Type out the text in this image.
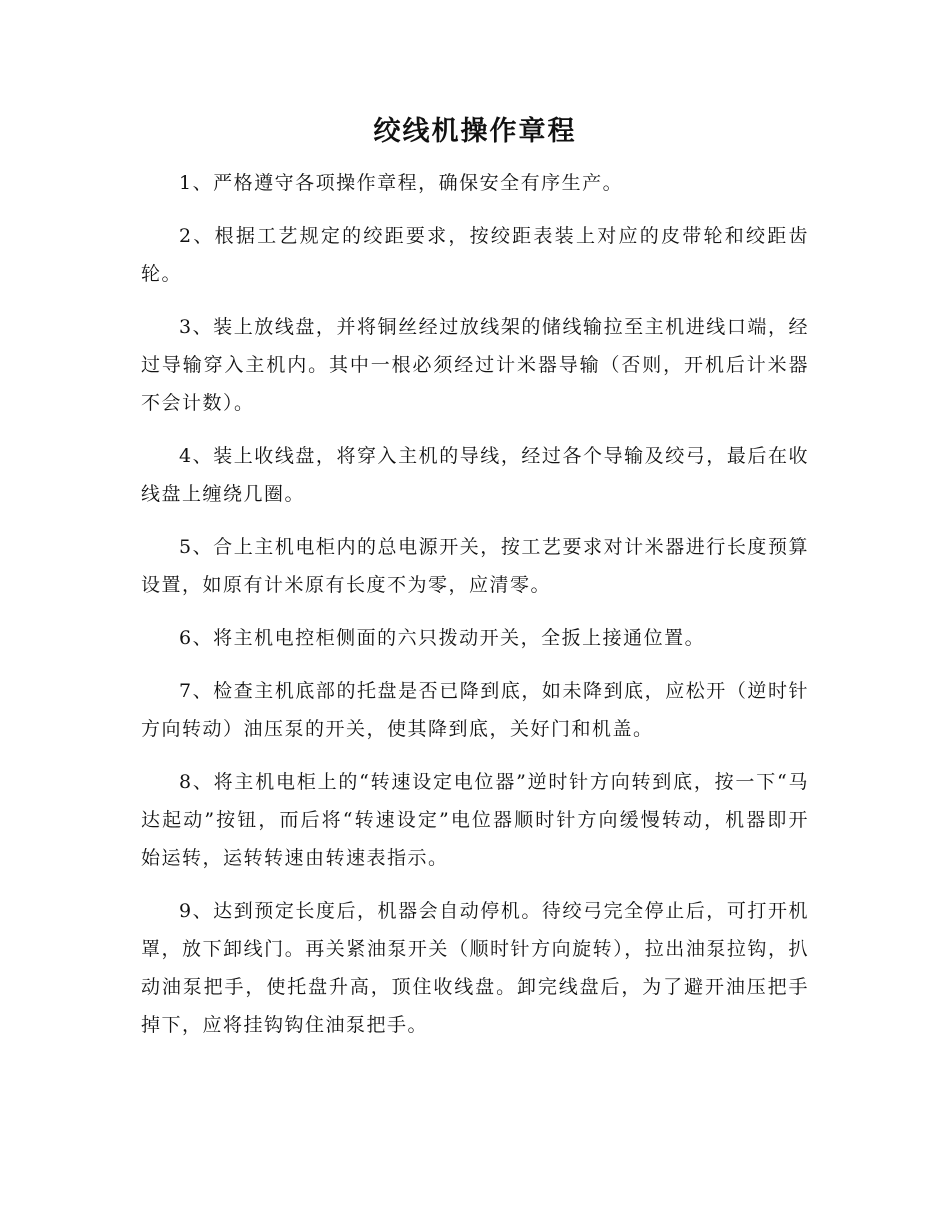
绞线机操作章程

1、严格遵守各项操作章程，确保安全有序生产。

2、根据工艺规定的绞距要求，按绞距表装上对应的皮带轮和绞距齿轮。

3、装上放线盘，并将铜丝经过放线架的储线输拉至主机进线口端，经过导输穿入主机内。其中一根必须经过计米器导输（否则，开机后计米器不会计数）。

4、装上收线盘，将穿入主机的导线，经过各个导输及绞弓，最后在收线盘上缠绕几圈。

5、合上主机电柜内的总电源开关，按工艺要求对计米器进行长度预算设置，如原有计米原有长度不为零，应清零。

6、将主机电控柜侧面的六只拨动开关，全扳上接通位置。

7、检查主机底部的托盘是否已降到底，如未降到底，应松开（逆时针方向转动）油压泵的开关，使其降到底，关好门和机盖。

8、将主机电柜上的“转速设定电位器”逆时针方向转到底，按一下“马达起动”按钮，而后将“转速设定”电位器顺时针方向缓慢转动，机器即开始运转，运转转速由转速表指示。

9、达到预定长度后，机器会自动停机。待绞弓完全停止后，可打开机罩，放下卸线门。再关紧油泵开关（顺时针方向旋转），拉出油泵拉钩，扒动油泵把手，使托盘升高，顶住收线盘。卸完线盘后，为了避开油压把手掉下，应将挂钩钩住油泵把手。
